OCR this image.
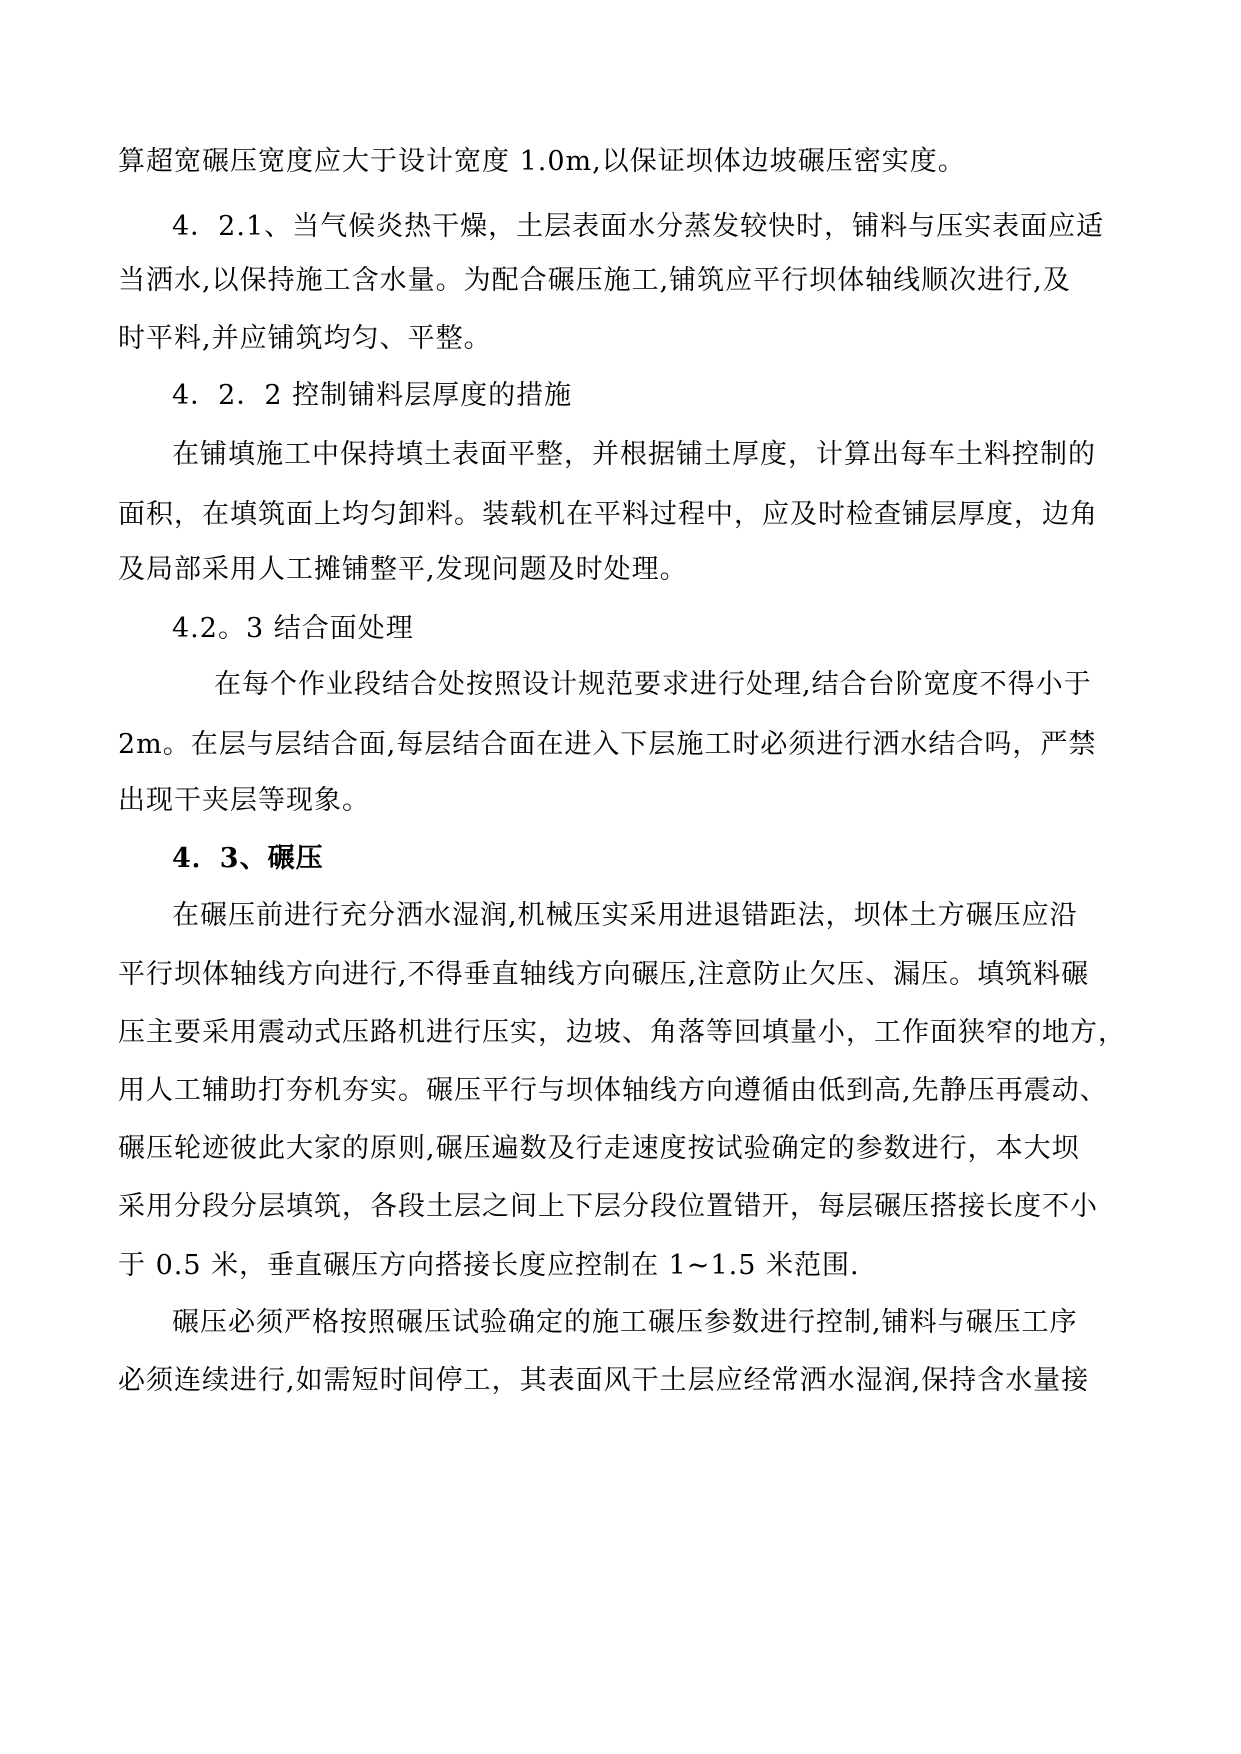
算超宽碾压宽度应大于设计宽度 1.0m,以保证坝体边坡碾压密实度。

4．2.1、当气候炎热干燥，土层表面水分蒸发较快时，铺料与压实表面应适

当洒水,以保持施工含水量。为配合碾压施工,铺筑应平行坝体轴线顺次进行,及

时平料,并应铺筑均匀、平整。

4．2．2 控制铺料层厚度的措施

在铺填施工中保持填土表面平整，并根据铺土厚度，计算出每车土料控制的

面积，在填筑面上均匀卸料。装载机在平料过程中，应及时检查铺层厚度，边角

及局部采用人工摊铺整平,发现问题及时处理。

4.2。3 结合面处理

在每个作业段结合处按照设计规范要求进行处理,结合台阶宽度不得小于

2m。在层与层结合面,每层结合面在进入下层施工时必须进行洒水结合吗，严禁

出现干夹层等现象。

4．3、碾压

在碾压前进行充分洒水湿润,机械压实采用进退错距法，坝体土方碾压应沿

平行坝体轴线方向进行,不得垂直轴线方向碾压,注意防止欠压、漏压。填筑料碾

压主要采用震动式压路机进行压实，边坡、角落等回填量小，工作面狭窄的地方，

用人工辅助打夯机夯实。碾压平行与坝体轴线方向遵循由低到高,先静压再震动、

碾压轮迹彼此大家的原则,碾压遍数及行走速度按试验确定的参数进行，本大坝

采用分段分层填筑，各段土层之间上下层分段位置错开，每层碾压搭接长度不小

于 0.5 米，垂直碾压方向搭接长度应控制在 1~1.5 米范围.

碾压必须严格按照碾压试验确定的施工碾压参数进行控制,铺料与碾压工序

必须连续进行,如需短时间停工，其表面风干土层应经常洒水湿润,保持含水量接
